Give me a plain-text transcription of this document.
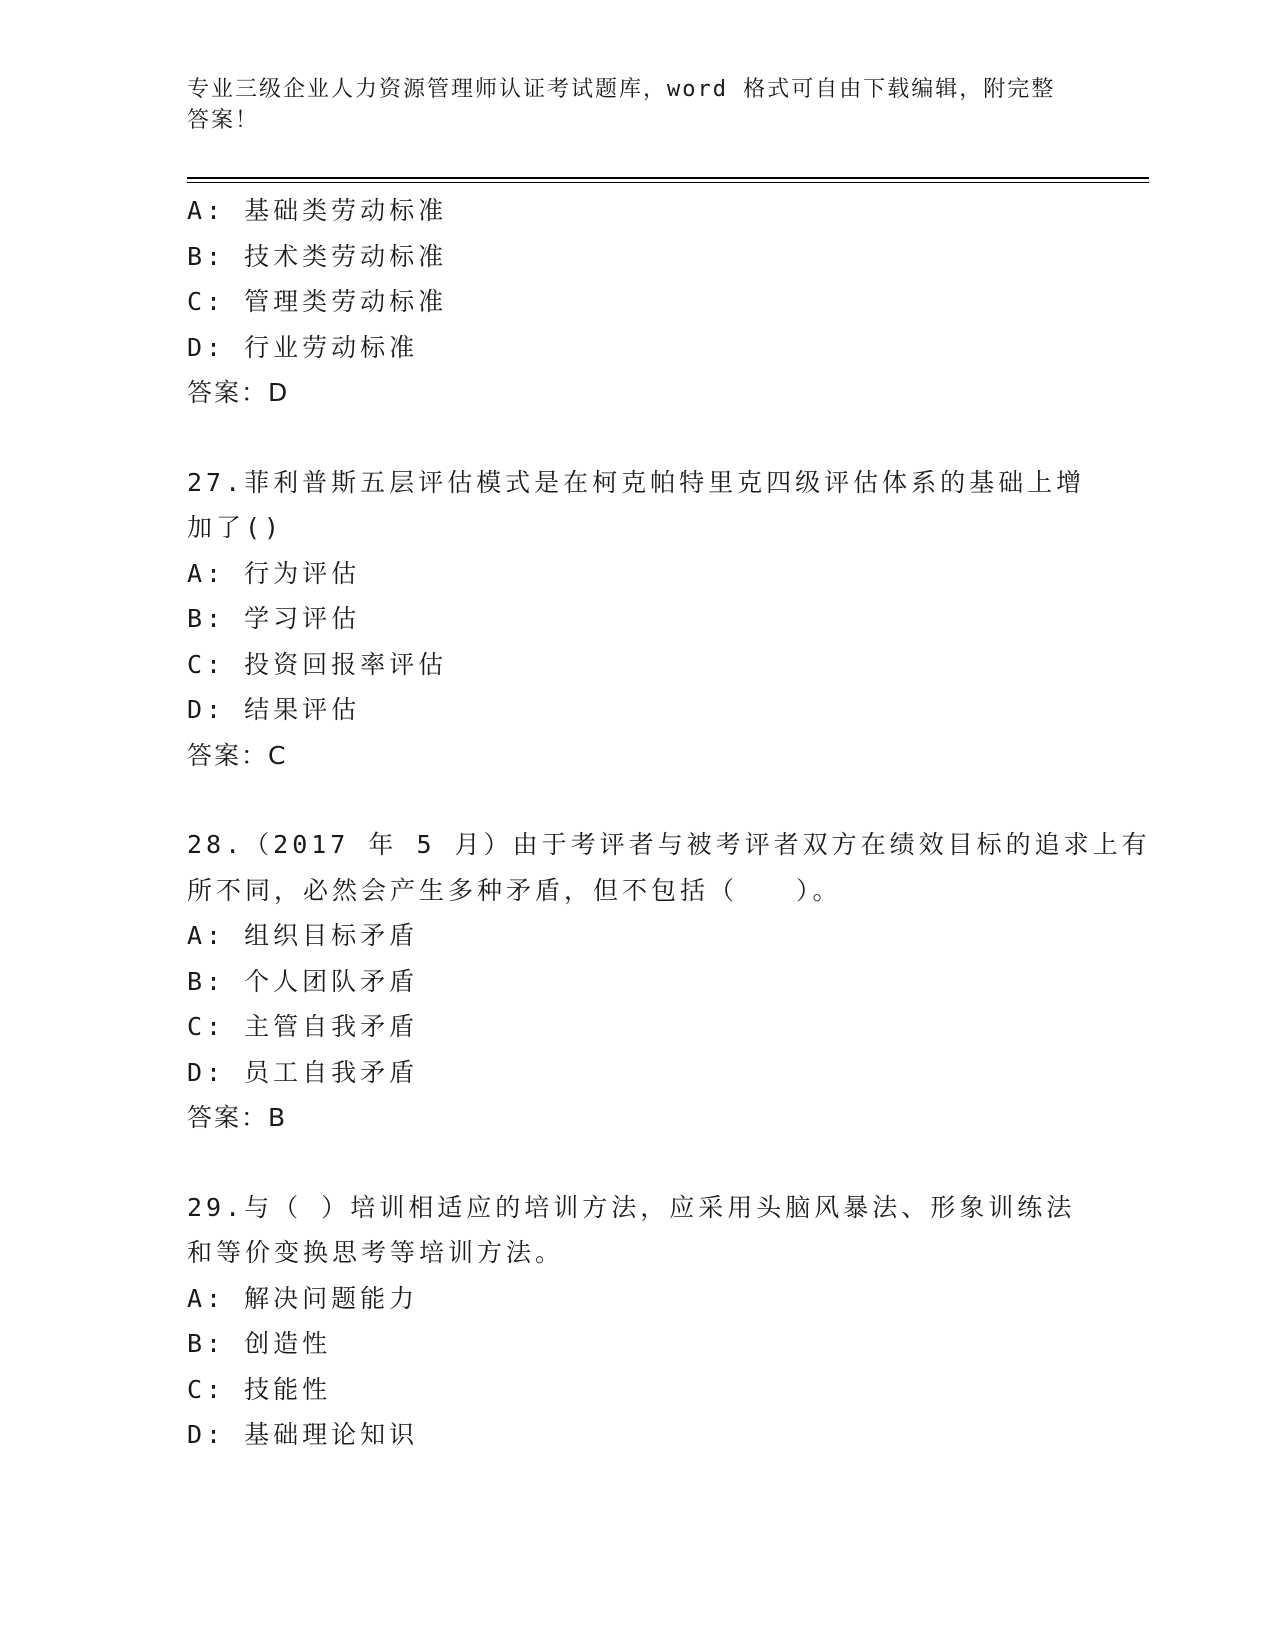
专业三级企业人力资源管理师认证考试题库，word 格式可自由下载编辑，附完整
答案！
A: 基础类劳动标准
B: 技术类劳动标准
C: 管理类劳动标准
D: 行业劳动标准
答案：D
27.菲利普斯五层评估模式是在柯克帕特里克四级评估体系的基础上增
加了()
A: 行为评估
B: 学习评估
C: 投资回报率评估
D: 结果评估
答案：C
28.（2017 年 5 月）由于考评者与被考评者双方在绩效目标的追求上有
所不同，必然会产生多种矛盾，但不包括（　　）。
A: 组织目标矛盾
B: 个人团队矛盾
C: 主管自我矛盾
D: 员工自我矛盾
答案：B
29.与（ ）培训相适应的培训方法，应采用头脑风暴法、形象训练法
和等价变换思考等培训方法。
A: 解决问题能力
B: 创造性
C: 技能性
D: 基础理论知识
